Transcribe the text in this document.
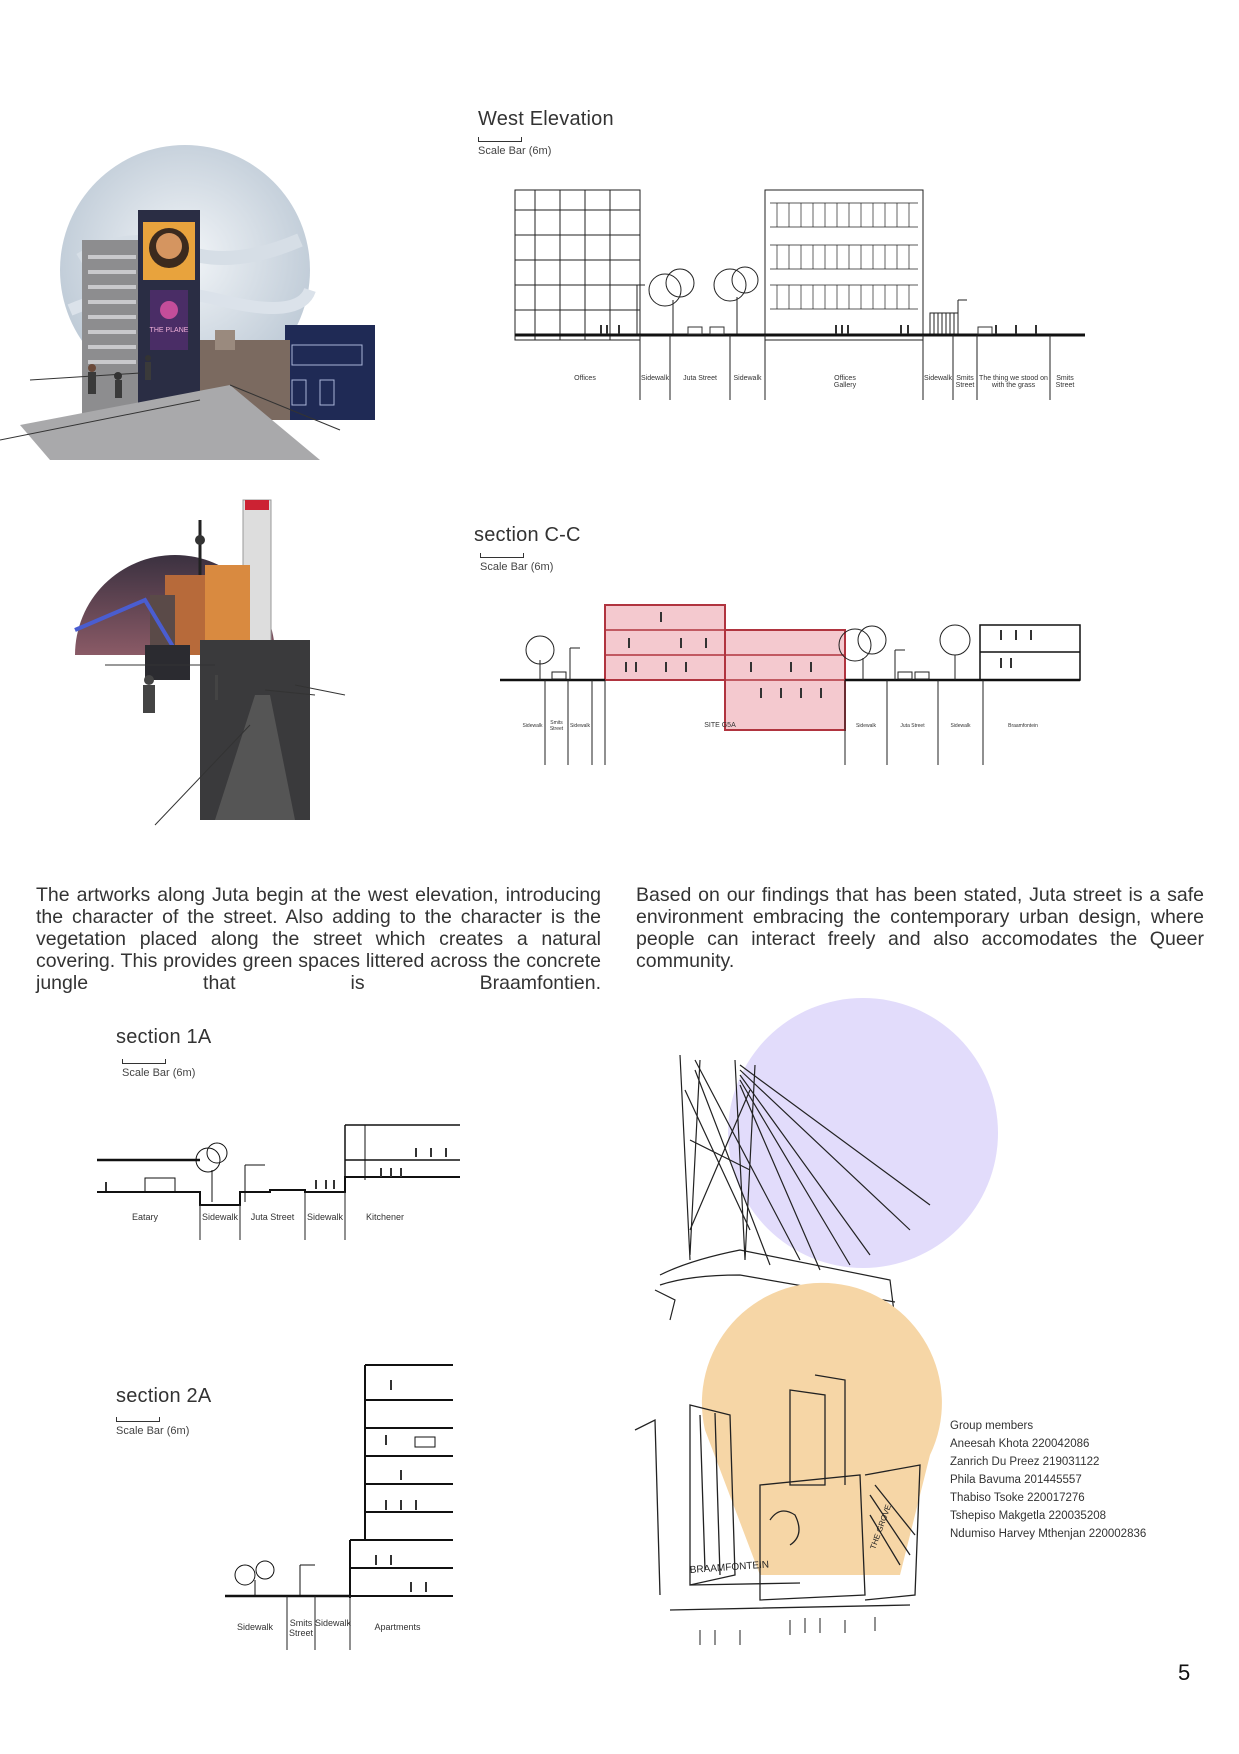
THE PLANE
West Elevation
Scale Bar (6m)
Offices	Sidewalk	Juta Street	Sidewalk	Offices
Gallery
Sidewalk Smits
Street
The thing we stood on
with the grass
Smits
Street
section C-C
Scale Bar (6m)
Sidewalk	Smits
Street	Sidewalk	SITE G5A	Sidewalk	Juta Street	Sidewalk	Braamfontein
The artworks along Juta begin at the west elevation, introducing the character of the street. Also adding to the character is the vegetation placed along the street which creates a natural covering. This provides green spaces littered across the concrete jungle that is Braamfontien.
Based on our findings that has been stated, Juta street is a safe environment embracing the contemporary urban design, where people can interact freely and also accomodates the Queer community.
section 1A
Scale Bar (6m)
Eatary	Sidewalk	Juta Street	Sidewalk	Kitchener
section 2A
Scale Bar (6m)
Sidewalk	Smits
Street
Sidewalk	Apartments
BRAAMFONTEIN
THE GROVE
Group members
Aneesah Khota 220042086
Zanrich Du Preez 219031122
Phila Bavuma 201445557
Thabiso Tsoke 220017276
Tshepiso Makgetla 220035208
Ndumiso Harvey Mthenjan 220002836
5
